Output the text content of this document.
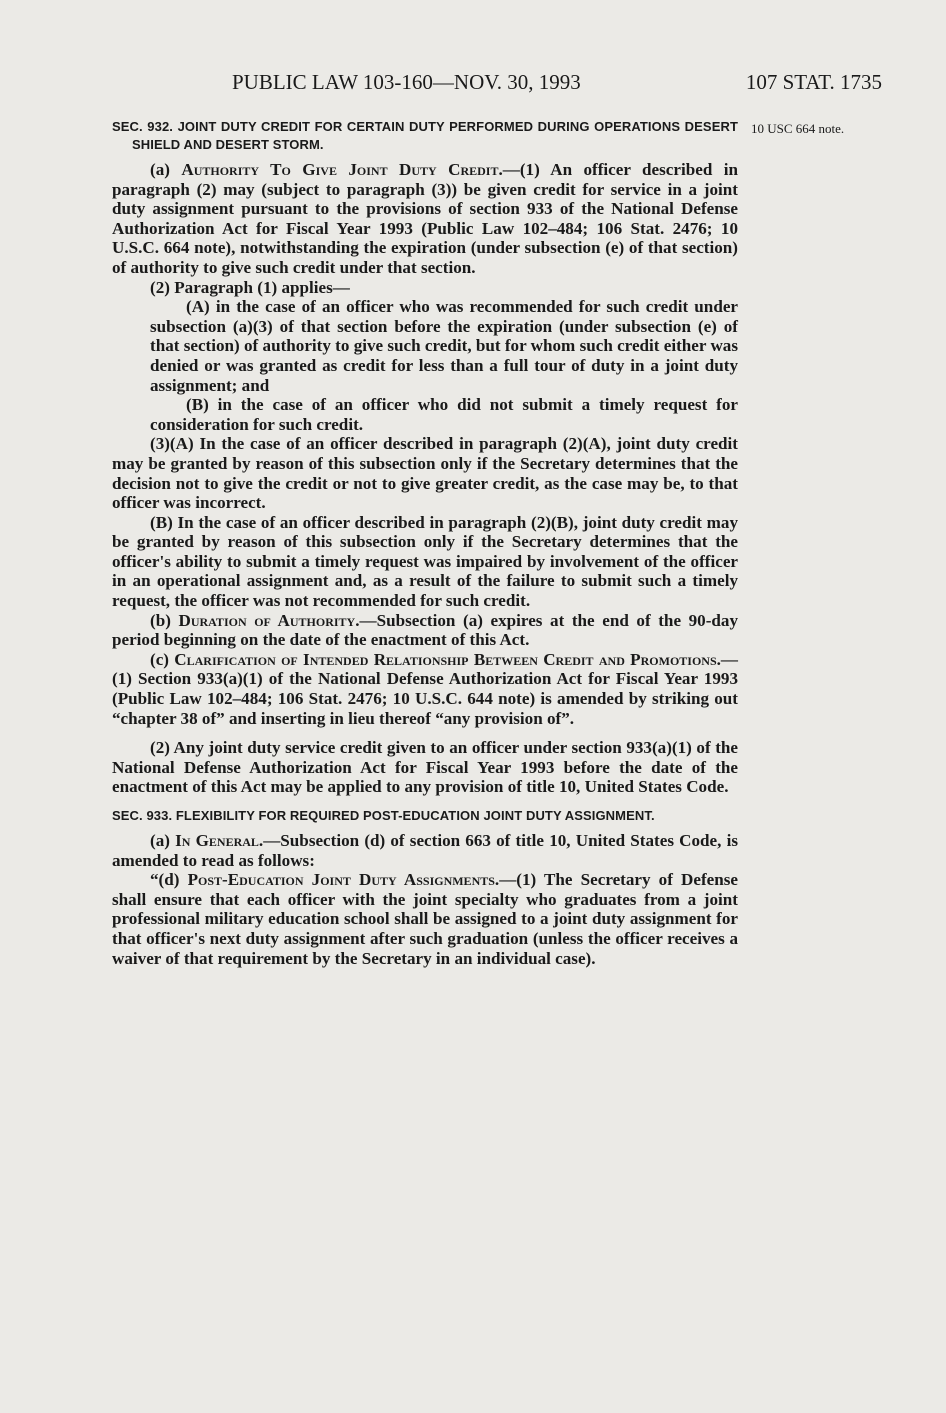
PUBLIC LAW 103-160—NOV. 30, 1993	107 STAT. 1735
10 USC 664 note.

SEC. 932. JOINT DUTY CREDIT FOR CERTAIN DUTY PERFORMED DURING OPERATIONS DESERT SHIELD AND DESERT STORM.

(a) Authority To Give Joint Duty Credit.—(1) An officer described in paragraph (2) may (subject to paragraph (3)) be given credit for service in a joint duty assignment pursuant to the provisions of section 933 of the National Defense Authorization Act for Fiscal Year 1993 (Public Law 102–484; 106 Stat. 2476; 10 U.S.C. 664 note), notwithstanding the expiration (under subsection (e) of that section) of authority to give such credit under that section.

(2) Paragraph (1) applies—

(A) in the case of an officer who was recommended for such credit under subsection (a)(3) of that section before the expiration (under subsection (e) of that section) of authority to give such credit, but for whom such credit either was denied or was granted as credit for less than a full tour of duty in a joint duty assignment; and

(B) in the case of an officer who did not submit a timely request for consideration for such credit.

(3)(A) In the case of an officer described in paragraph (2)(A), joint duty credit may be granted by reason of this subsection only if the Secretary determines that the decision not to give the credit or not to give greater credit, as the case may be, to that officer was incorrect.

(B) In the case of an officer described in paragraph (2)(B), joint duty credit may be granted by reason of this subsection only if the Secretary determines that the officer's ability to submit a timely request was impaired by involvement of the officer in an operational assignment and, as a result of the failure to submit such a timely request, the officer was not recommended for such credit.

(b) Duration of Authority.—Subsection (a) expires at the end of the 90-day period beginning on the date of the enactment of this Act.

(c) Clarification of Intended Relationship Between Credit and Promotions.—(1) Section 933(a)(1) of the National Defense Authorization Act for Fiscal Year 1993 (Public Law 102–484; 106 Stat. 2476; 10 U.S.C. 644 note) is amended by striking out “chapter 38 of” and inserting in lieu thereof “any provision of”.

(2) Any joint duty service credit given to an officer under section 933(a)(1) of the National Defense Authorization Act for Fiscal Year 1993 before the date of the enactment of this Act may be applied to any provision of title 10, United States Code.

SEC. 933. FLEXIBILITY FOR REQUIRED POST-EDUCATION JOINT DUTY ASSIGNMENT.

(a) In General.—Subsection (d) of section 663 of title 10, United States Code, is amended to read as follows:

“(d) Post-Education Joint Duty Assignments.—(1) The Secretary of Defense shall ensure that each officer with the joint specialty who graduates from a joint professional military education school shall be assigned to a joint duty assignment for that officer's next duty assignment after such graduation (unless the officer receives a waiver of that requirement by the Secretary in an individual case).
